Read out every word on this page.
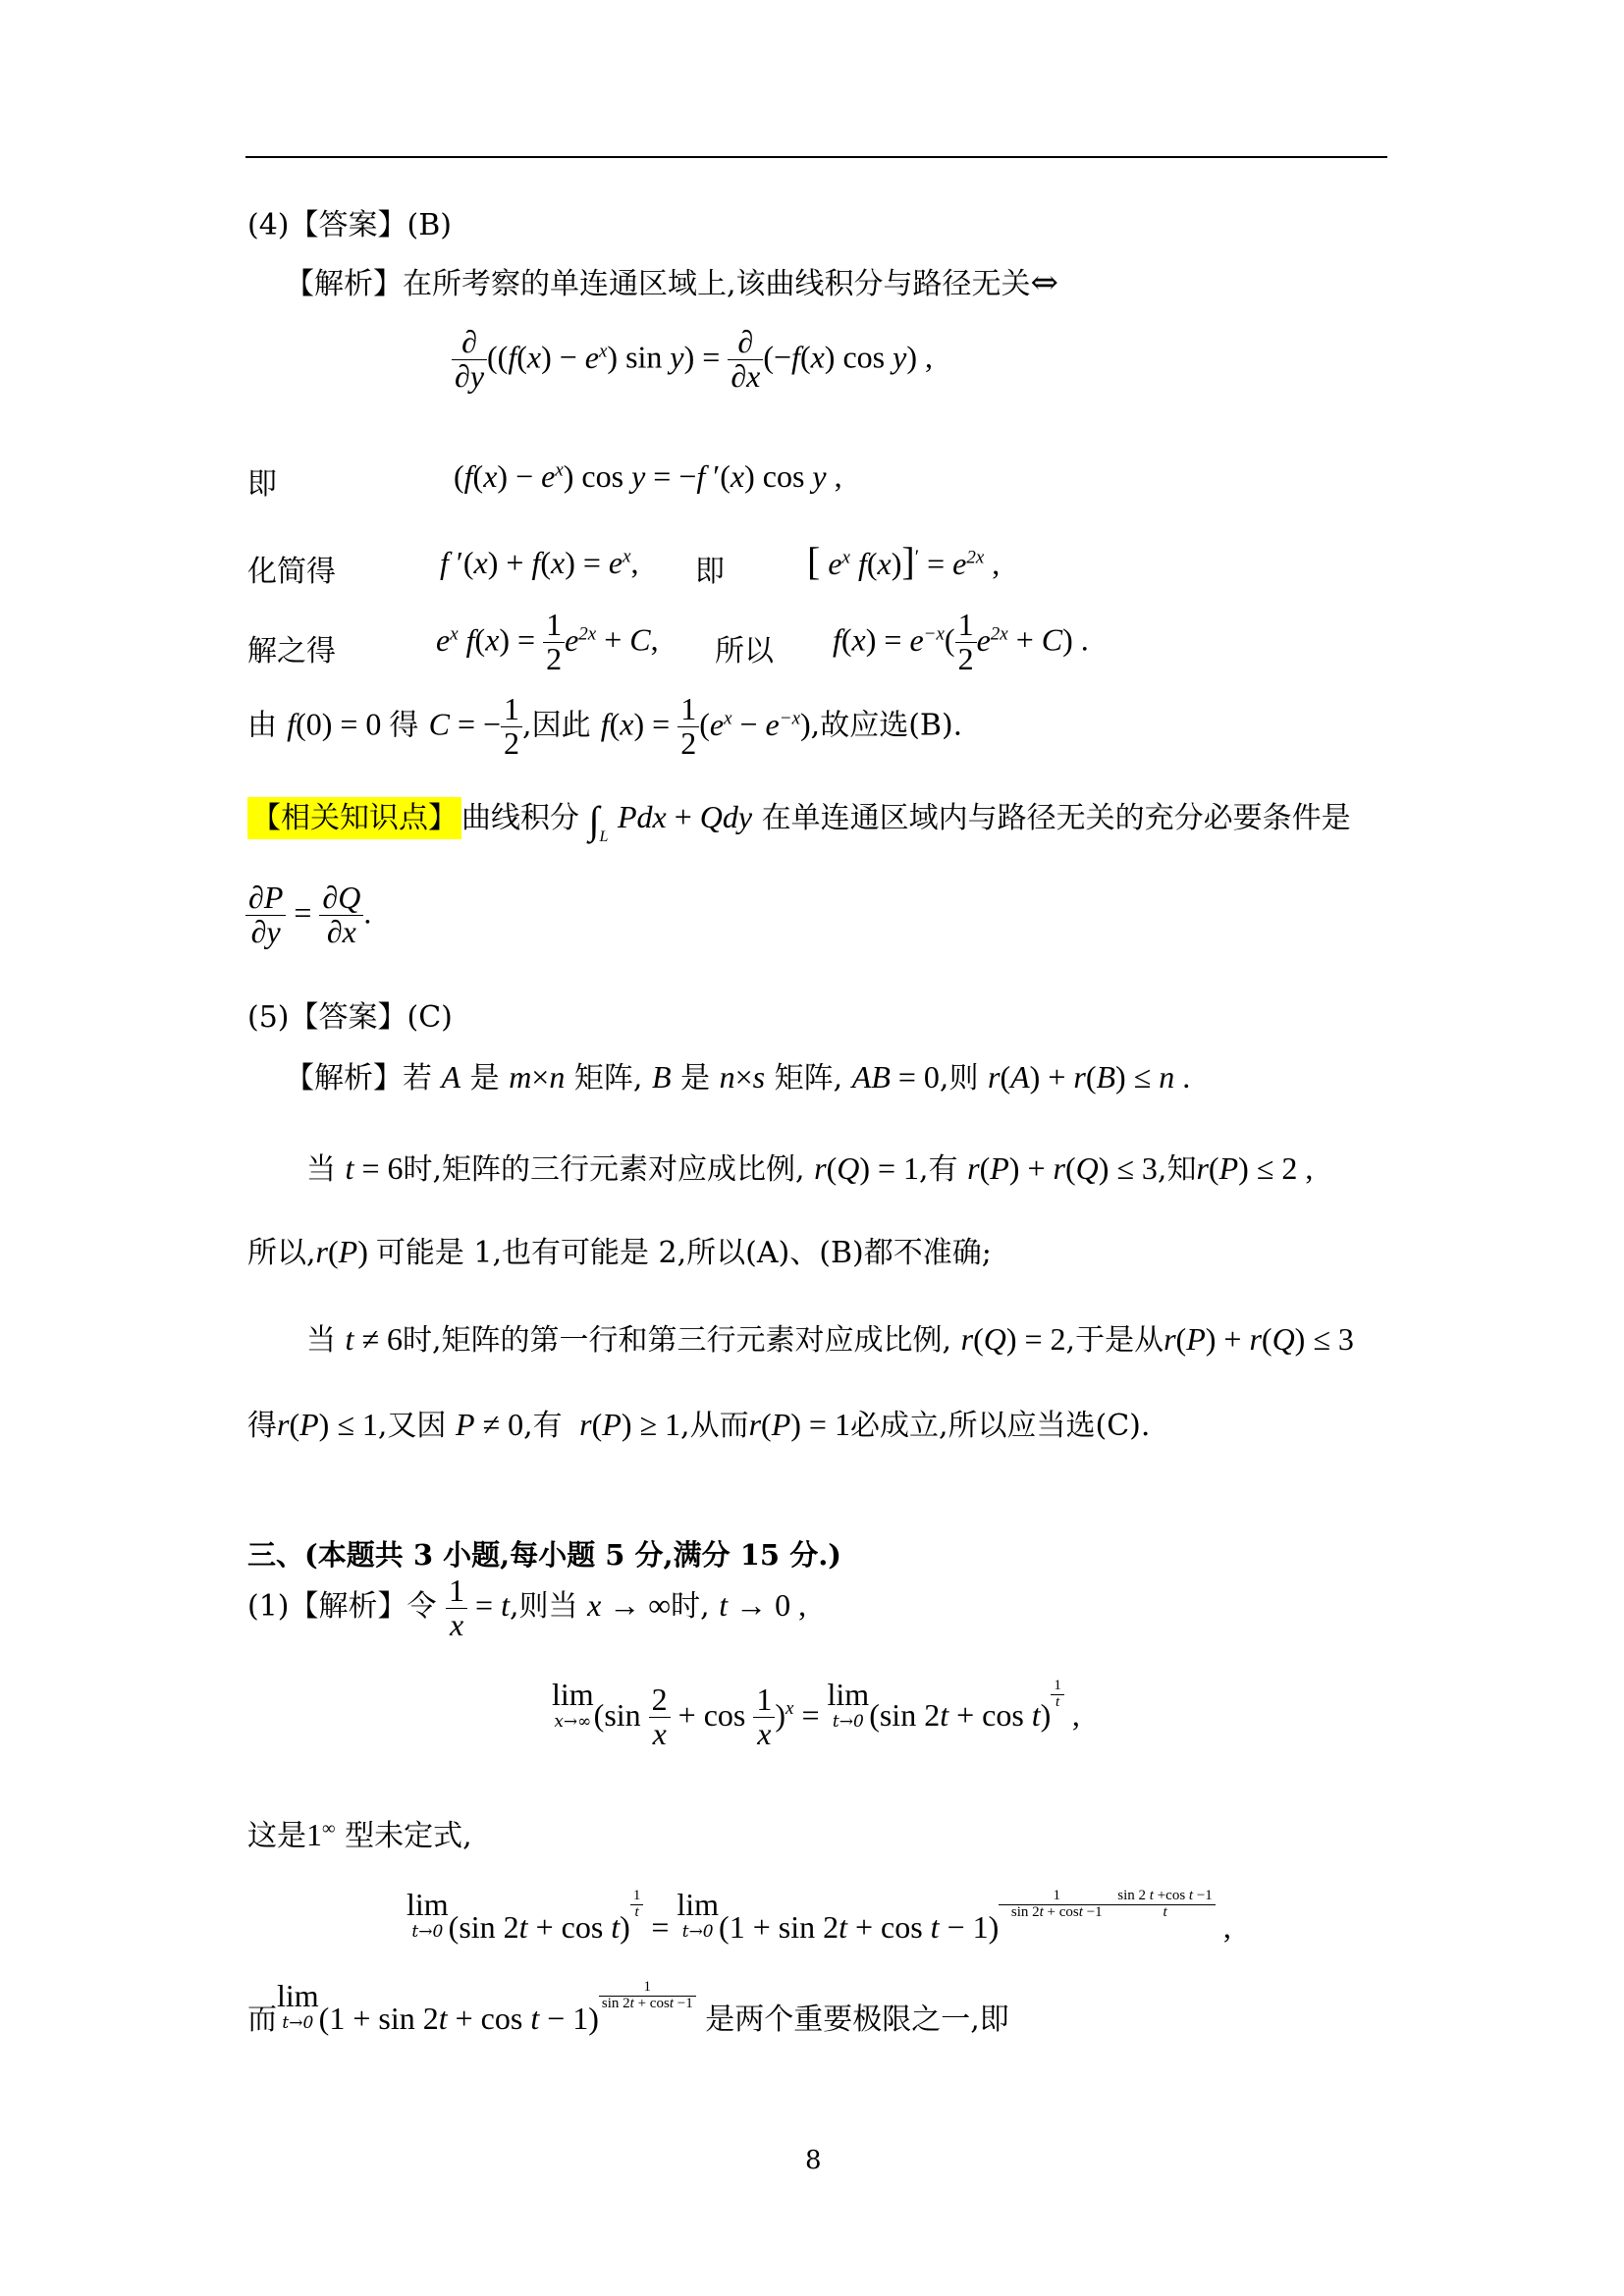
(4)【答案】(B)
【解析】在所考察的单连通区域上,该曲线积分与路径无关⇔
$\frac{\partial}{\partial y} ((f(x) - e^x)$ $\sin y) = \frac{\partial}{\partial x} (-f(x)$ cos y) ,
即	$(f(x) - e^x)$ cos y = −f ′(x) cos y ,
化简得	f $'(x) + f(x) = e^x$, 即 [ $e^x$ $f(x)]' = e^{2x}$ ,
解之得	$e^x$ $f(x) = \frac{1}{2} e^{2x} + C$, 所以 $f(x) = e^{-x}( \frac{1}{2} e^{2x} + C)$ .
由 f(0) = 0 得 C = − $\frac{1}{2}$ ,因此 $f(x) = \frac{1}{2} (e^x - e^{-x})$,故应选(B).
【相关知识点】 曲线积分 $\int_L$ Pdx + Qdy 在单连通区域内与路径无关的充分必要条件是
$\frac{\partial P}{\partial y} = \frac{\partial Q}{\partial x}$ .
(5)【答案】(C)
【解析】若 A 是 m×n 矩阵, B 是 n×s 矩阵, AB = 0,则 r(A) + r(B) ≤ n .
当 t = 6时,矩阵的三行元素对应成比例, r(Q) = 1,有 r(P) + r(Q) ≤ 3,知r(P) ≤ 2 ,
所以,r(P) 可能是 1,也有可能是 2,所以(A)、(B)都不准确;
当 t ≠ 6时,矩阵的第一行和第三行元素对应成比例, r(Q) = 2,于是从r(P) + r(Q) ≤ 3
得r(P) ≤ 1,又因 P ≠ 0,有  r(P) ≥ 1,从而r(P) = 1必成立,所以应当选(C).
三、(本题共 3 小题,每小题 5 分,满分 15 分.)
(1)【解析】令 $\frac{1}{x} = t$,则当 x → ∞时, t → 0 ,
lim
x→∞ $(\sin \frac{2}{x} + \cos \frac{1}{x} )^x = \lim$
t→0 (sin 2t + cos t)
$\frac{1}{t}$
,
这是1∞ 型未定式,
lim
t→0 (sin 2t + cos t)
$\frac{1}{t}$
= lim
t→0 (1 + sin 2t + cos t − 1)
$\frac{1}{\sin 2t + \cos t -1} \frac{\text{sin 2 t +cos t −1}}{t}$
,
而lim
t→0 (1 + sin 2t + cos t − 1)
$\frac{1}{\sin 2t + \cos t -1}$
是两个重要极限之一,即
8
